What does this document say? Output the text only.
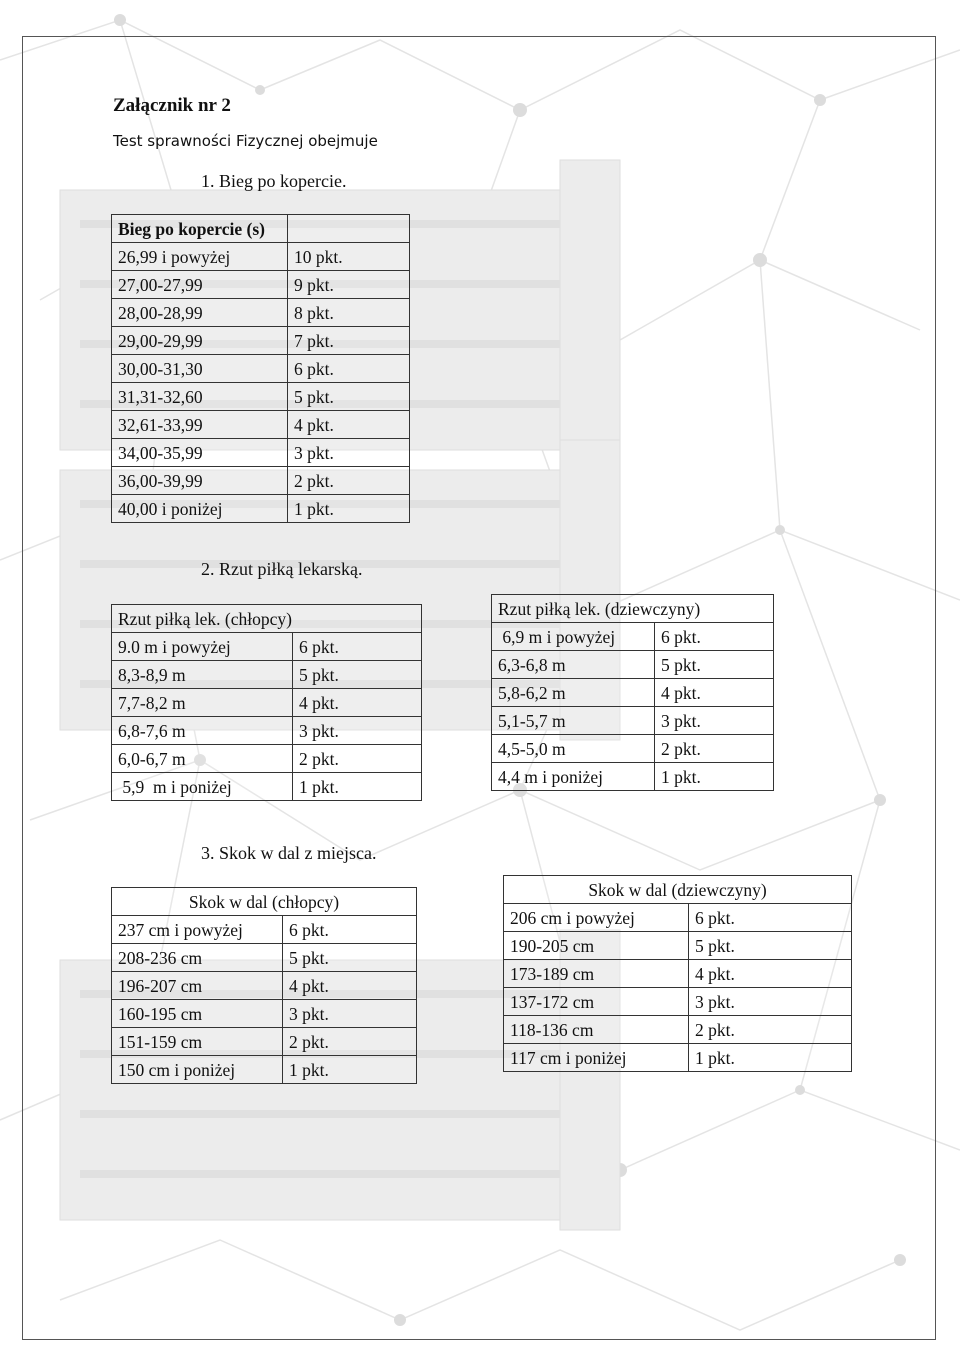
Załącznik nr 2
Test sprawności Fizycznej obejmuje
1. Bieg po kopercie.
Bieg po kopercie (s)	
26,99 i powyżej	10 pkt.
27,00-27,99	9 pkt.
28,00-28,99	8 pkt.
29,00-29,99	7 pkt.
30,00-31,30	6 pkt.
31,31-32,60	5 pkt.
32,61-33,99	4 pkt.
34,00-35,99	3 pkt.
36,00-39,99	2 pkt.
40,00 i poniżej	1 pkt.
2. Rzut piłką lekarską.
Rzut piłką lek. (chłopcy)	
9.0 m i powyżej	6 pkt.
8,3-8,9 m	5 pkt.
7,7-8,2 m	4 pkt.
6,8-7,6 m	3 pkt.
6,0-6,7 m	2 pkt.
5,9  m i poniżej	1 pkt.
Rzut piłką lek. (dziewczyny)	
6,9 m i powyżej	6 pkt.
6,3-6,8 m	5 pkt.
5,8-6,2 m	4 pkt.
5,1-5,7 m	3 pkt.
4,5-5,0 m	2 pkt.
4,4 m i poniżej	1 pkt.
3. Skok w dal z miejsca.
Skok w dal (chłopcy)	
237 cm i powyżej	6 pkt.
208-236 cm	5 pkt.
196-207 cm	4 pkt.
160-195 cm	3 pkt.
151-159 cm	2 pkt.
150 cm i poniżej	1 pkt.
Skok w dal (dziewczyny)	
206 cm i powyżej	6 pkt.
190-205 cm	5 pkt.
173-189 cm	4 pkt.
137-172 cm	3 pkt.
118-136 cm	2 pkt.
117 cm i poniżej	1 pkt.
